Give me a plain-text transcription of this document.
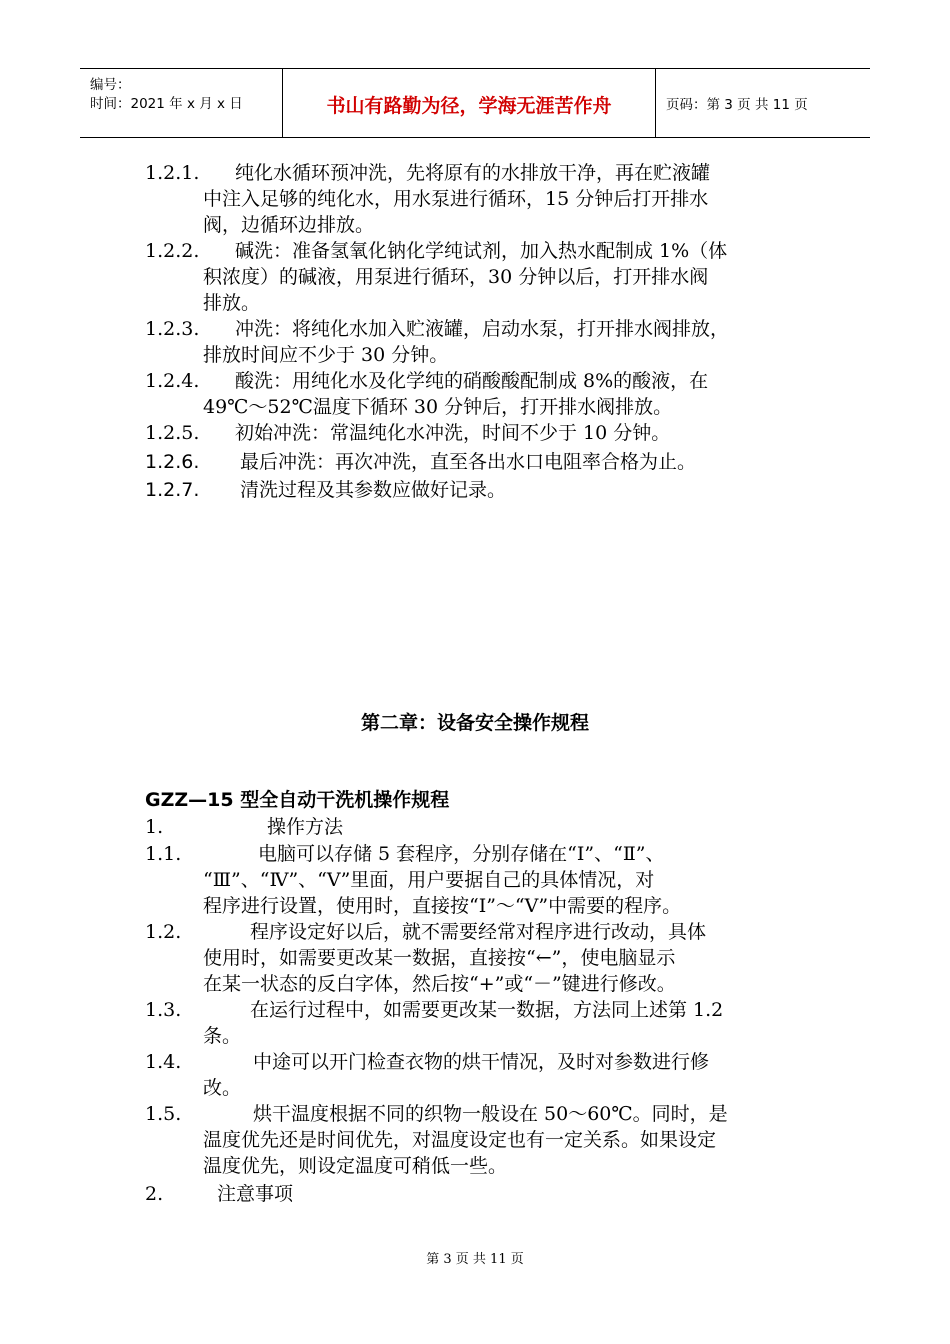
编号：
时间：2021 年 x 月 x 日	书山有路勤为径，学海无涯苦作舟	页码：第 3 页 共 11 页
1.2.1. 纯化水循环预冲洗，先将原有的水排放干净，再在贮液罐
中注入足够的纯化水，用水泵进行循环，15 分钟后打开排水
阀，边循环边排放。
1.2.2. 碱洗：准备氢氧化钠化学纯试剂，加入热水配制成 1%（体
积浓度）的碱液，用泵进行循环，30 分钟以后，打开排水阀
排放。
1.2.3. 冲洗：将纯化水加入贮液罐，启动水泵，打开排水阀排放，
排放时间应不少于 30 分钟。
1.2.4. 酸洗：用纯化水及化学纯的硝酸酸配制成 8%的酸液，在
49℃～52℃温度下循环 30 分钟后，打开排水阀排放。
1.2.5. 初始冲洗：常温纯化水冲洗，时间不少于 10 分钟。
1.2.6. 最后冲洗：再次冲洗，直至各出水口电阻率合格为止。
1.2.7. 清洗过程及其参数应做好记录。
第二章：设备安全操作规程
GZZ—15 型全自动干洗机操作规程
1.	操作方法
1.1.	电脑可以存储 5 套程序，分别存储在“Ⅰ”、“Ⅱ”、
“Ⅲ”、“Ⅳ”、“Ⅴ”里面，用户要据自己的具体情况，对
程序进行设置，使用时，直接按“Ⅰ”～“Ⅴ”中需要的程序。
1.2.	程序设定好以后，就不需要经常对程序进行改动，具体
使用时，如需要更改某一数据，直接按“←”，使电脑显示
在某一状态的反白字体，然后按“+”或“－”键进行修改。
1.3.	在运行过程中，如需要更改某一数据，方法同上述第 1.2
条。
1.4.	中途可以开门检查衣物的烘干情况，及时对参数进行修
改。
1.5.	烘干温度根据不同的织物一般设在 50～60℃。同时，是
温度优先还是时间优先，对温度设定也有一定关系。如果设定
温度优先，则设定温度可稍低一些。
2.	注意事项
第 3 页 共 11 页
